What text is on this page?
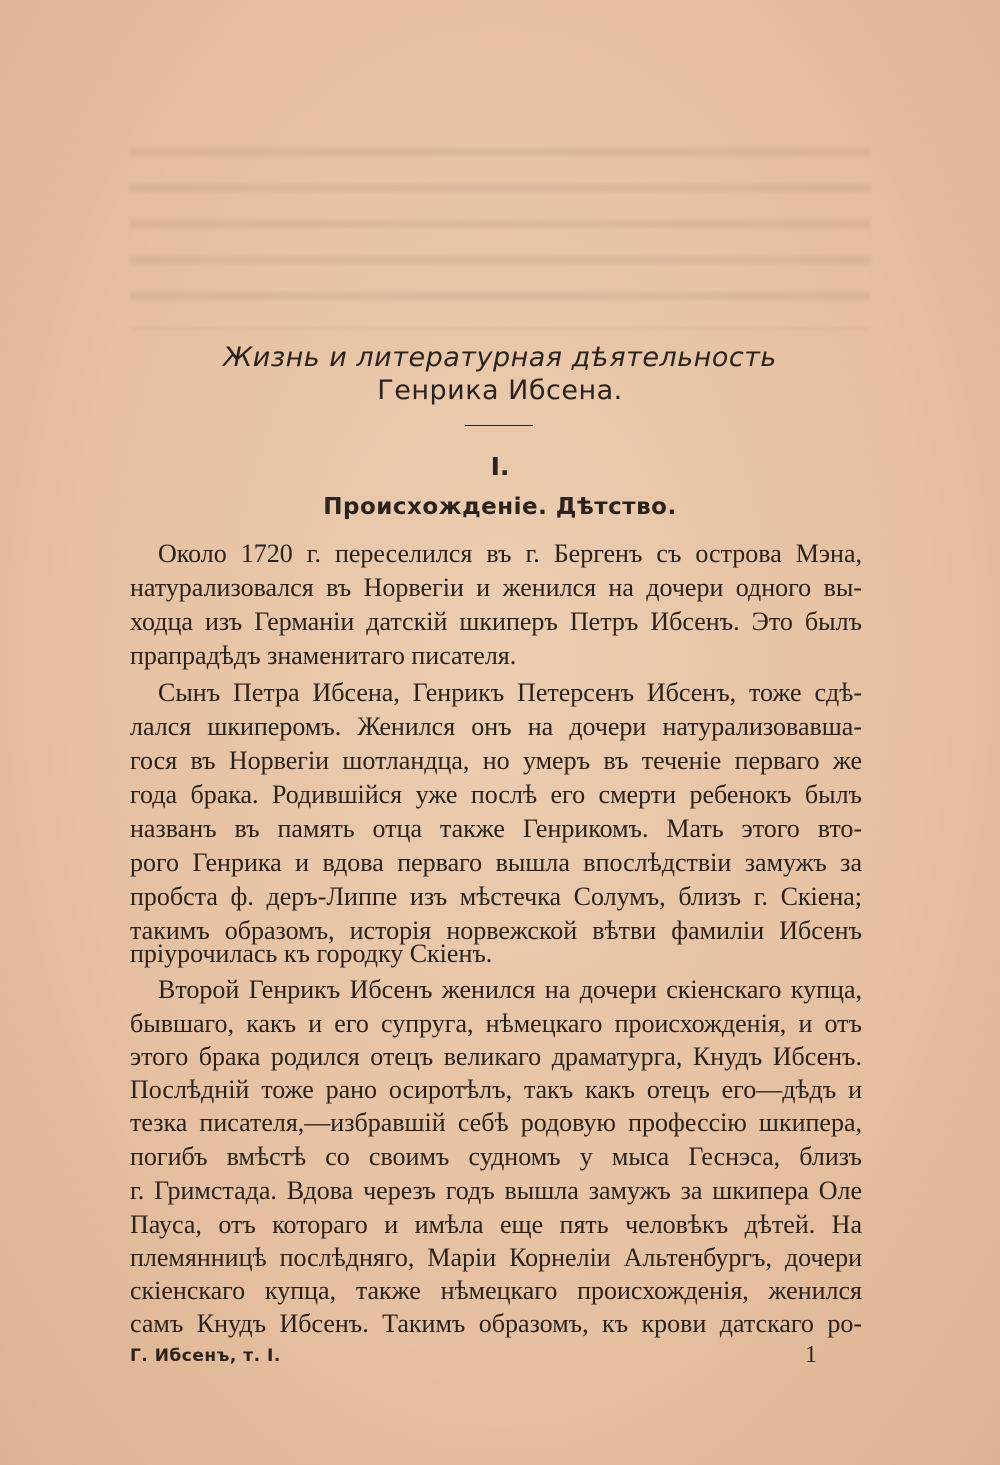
Жизнь и литературная дѣятельность
Генрика Ибсена.
I.
Происхожденіе. Дѣтство.
Около 1720 г. переселился въ г. Бергенъ съ острова Мэна,
натурализовался въ Норвегіи и женился на дочери одного вы-
ходца изъ Германіи датскій шкиперъ Петръ Ибсенъ. Это былъ
прапрадѣдъ знаменитаго писателя.
Сынъ Петра Ибсена, Генрикъ Петерсенъ Ибсенъ, тоже сдѣ-
лался шкиперомъ. Женился онъ на дочери натурализовавша-
гося въ Норвегіи шотландца, но умеръ въ теченіе перваго же
года брака. Родившійся уже послѣ его смерти ребенокъ былъ
названъ въ память отца также Генрикомъ. Мать этого вто-
рого Генрика и вдова перваго вышла впослѣдствіи замужъ за
пробста ф. деръ-Липпе изъ мѣстечка Солумъ, близъ г. Скіена;
такимъ образомъ, исторія норвежской вѣтви фамиліи Ибсенъ
пріурочилась къ городку Скіенъ.
Второй Генрикъ Ибсенъ женился на дочери скіенскаго купца,
бывшаго, какъ и его супруга, нѣмецкаго происхожденія, и отъ
этого брака родился отецъ великаго драматурга, Кнудъ Ибсенъ.
Послѣдній тоже рано осиротѣлъ, такъ какъ отецъ его—дѣдъ и
тезка писателя,—избравшій себѣ родовую профессію шкипера,
погибъ вмѣстѣ со своимъ судномъ у мыса Геснэса, близъ
г. Гримстада. Вдова черезъ годъ вышла замужъ за шкипера Оле
Пауса, отъ котораго и имѣла еще пять человѣкъ дѣтей. На
племянницѣ послѣдняго, Маріи Корнеліи Альтенбургъ, дочери
скіенскаго купца, также нѣмецкаго происхожденія, женился
самъ Кнудъ Ибсенъ. Такимъ образомъ, къ крови датскаго ро-
Г. Ибсенъ, т. I.	1
